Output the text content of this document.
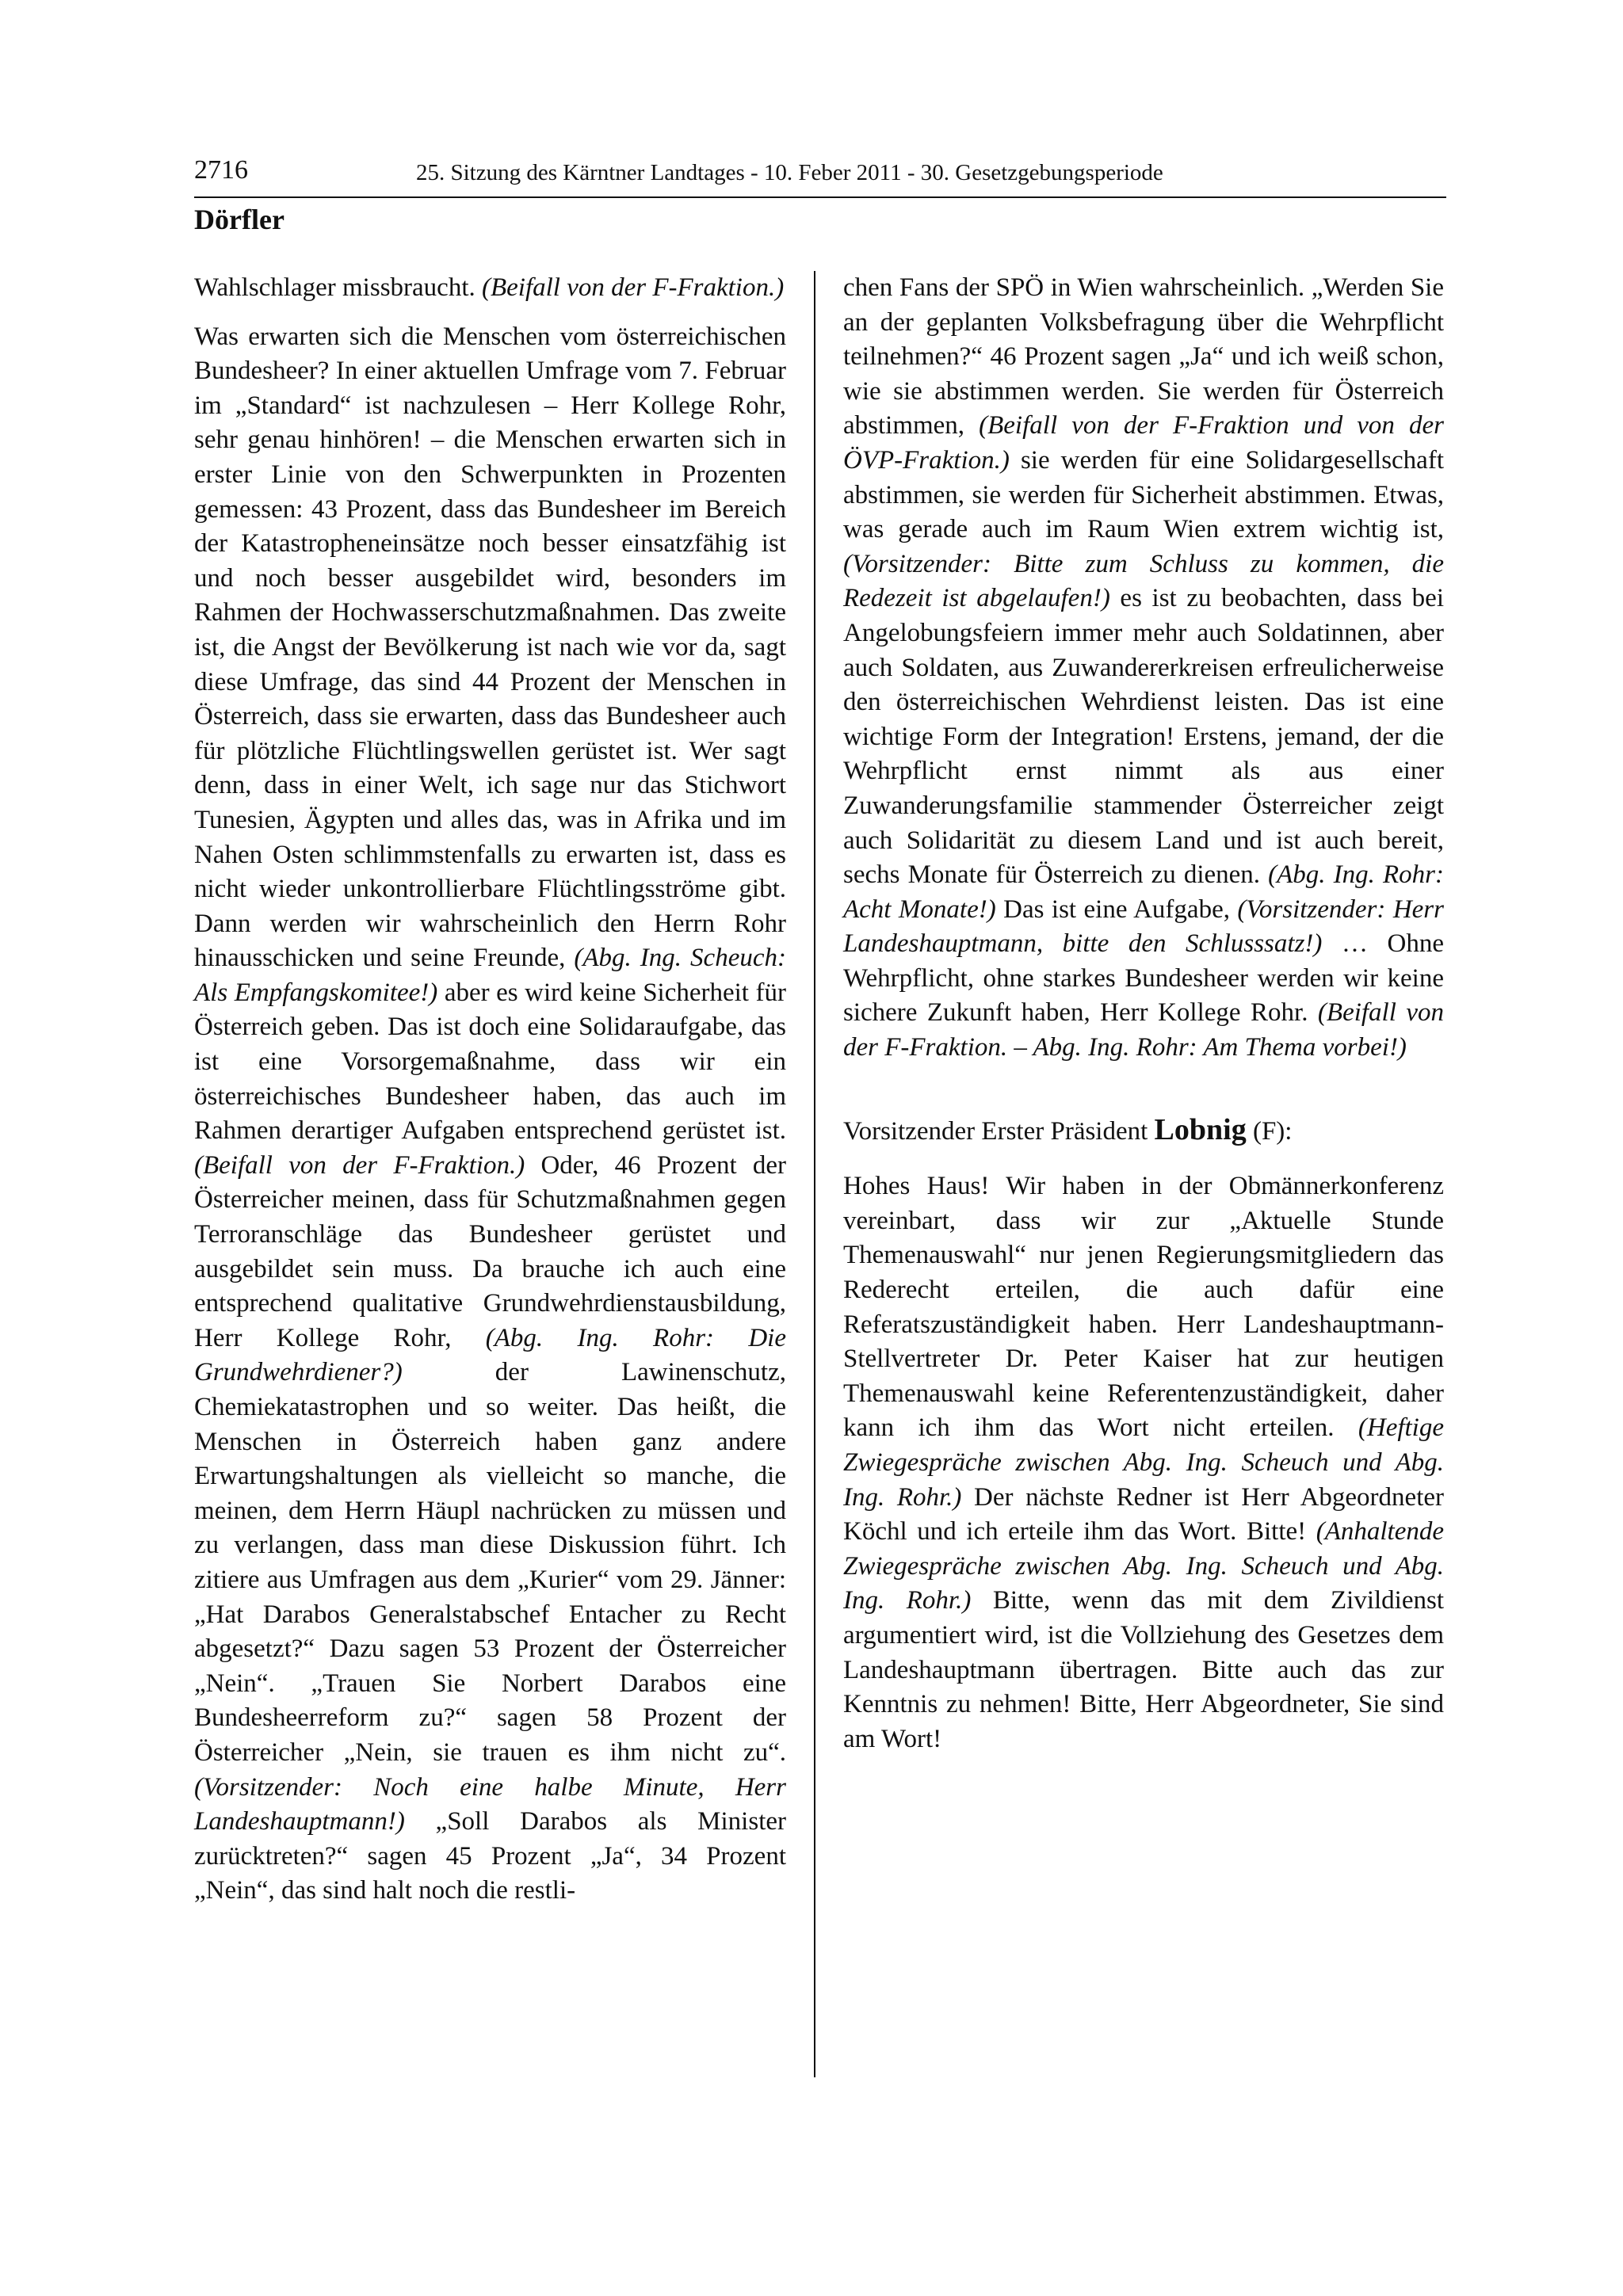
2716	25. Sitzung des Kärntner Landtages - 10. Feber 2011 - 30. Gesetzgebungsperiode
Dörfler

Wahlschlager missbraucht. (Beifall von der F-Fraktion.)

Was erwarten sich die Menschen vom österreichischen Bundesheer? In einer aktuellen Umfrage vom 7. Februar im „Standard“ ist nachzulesen – Herr Kollege Rohr, sehr genau hinhören! – die Menschen erwarten sich in erster Linie von den Schwerpunkten in Prozenten gemessen: 43 Prozent, dass das Bundesheer im Bereich der Katastropheneinsätze noch besser einsatzfähig ist und noch besser ausgebildet wird, besonders im Rahmen der Hochwasserschutzmaßnahmen. Das zweite ist, die Angst der Bevölkerung ist nach wie vor da, sagt diese Umfrage, das sind 44 Prozent der Menschen in Österreich, dass sie erwarten, dass das Bundesheer auch für plötzliche Flüchtlingswellen gerüstet ist. Wer sagt denn, dass in einer Welt, ich sage nur das Stichwort Tunesien, Ägypten und alles das, was in Afrika und im Nahen Osten schlimmstenfalls zu erwarten ist, dass es nicht wieder unkontrollierbare Flüchtlingsströme gibt. Dann werden wir wahrscheinlich den Herrn Rohr hinausschicken und seine Freunde, (Abg. Ing. Scheuch: Als Empfangskomitee!) aber es wird keine Sicherheit für Österreich geben. Das ist doch eine Solidaraufgabe, das ist eine Vorsorgemaßnahme, dass wir ein österreichisches Bundesheer haben, das auch im Rahmen derartiger Aufgaben entsprechend gerüstet ist. (Beifall von der F-Fraktion.) Oder, 46 Prozent der Österreicher meinen, dass für Schutzmaßnahmen gegen Terroranschläge das Bundesheer gerüstet und ausgebildet sein muss. Da brauche ich auch eine entsprechend qualitative Grundwehrdienstausbildung, Herr Kollege Rohr, (Abg. Ing. Rohr: Die Grundwehrdiener?) der Lawinenschutz, Chemiekatastrophen und so weiter. Das heißt, die Menschen in Österreich haben ganz andere Erwartungshaltungen als vielleicht so manche, die meinen, dem Herrn Häupl nachrücken zu müssen und zu verlangen, dass man diese Diskussion führt. Ich zitiere aus Umfragen aus dem „Kurier“ vom 29. Jänner: „Hat Darabos Generalstabschef Entacher zu Recht abgesetzt?“ Dazu sagen 53 Prozent der Österreicher „Nein“. „Trauen Sie Norbert Darabos eine Bundesheerreform zu?“ sagen 58 Prozent der Österreicher „Nein, sie trauen es ihm nicht zu“. (Vorsitzender: Noch eine halbe Minute, Herr Landeshauptmann!) „Soll Darabos als Minister zurücktreten?“ sagen 45 Prozent „Ja“, 34 Prozent „Nein“, das sind halt noch die restli-

chen Fans der SPÖ in Wien wahrscheinlich. „Werden Sie an der geplanten Volksbefragung über die Wehrpflicht teilnehmen?“ 46 Prozent sagen „Ja“ und ich weiß schon, wie sie abstimmen werden. Sie werden für Österreich abstimmen, (Beifall von der F-Fraktion und von der ÖVP-Fraktion.) sie werden für eine Solidargesellschaft abstimmen, sie werden für Sicherheit abstimmen. Etwas, was gerade auch im Raum Wien extrem wichtig ist, (Vorsitzender: Bitte zum Schluss zu kommen, die Redezeit ist abgelaufen!) es ist zu beobachten, dass bei Angelobungsfeiern immer mehr auch Soldatinnen, aber auch Soldaten, aus Zuwandererkreisen erfreulicherweise den österreichischen Wehrdienst leisten. Das ist eine wichtige Form der Integration! Erstens, jemand, der die Wehrpflicht ernst nimmt als aus einer Zuwanderungsfamilie stammender Österreicher zeigt auch Solidarität zu diesem Land und ist auch bereit, sechs Monate für Österreich zu dienen. (Abg. Ing. Rohr: Acht Monate!) Das ist eine Aufgabe, (Vorsitzender: Herr Landeshauptmann, bitte den Schlusssatz!) … Ohne Wehrpflicht, ohne starkes Bundesheer werden wir keine sichere Zukunft haben, Herr Kollege Rohr. (Beifall von der F-Fraktion. – Abg. Ing. Rohr: Am Thema vorbei!)

Vorsitzender Erster Präsident Lobnig (F):

Hohes Haus! Wir haben in der Obmännerkonferenz vereinbart, dass wir zur „Aktuelle Stunde Themenauswahl“ nur jenen Regierungsmitgliedern das Rederecht erteilen, die auch dafür eine Referatszuständigkeit haben. Herr Landeshauptmann-Stellvertreter Dr. Peter Kaiser hat zur heutigen Themenauswahl keine Referentenzuständigkeit, daher kann ich ihm das Wort nicht erteilen. (Heftige Zwiegespräche zwischen Abg. Ing. Scheuch und Abg. Ing. Rohr.) Der nächste Redner ist Herr Abgeordneter Köchl und ich erteile ihm das Wort. Bitte! (Anhaltende Zwiegespräche zwischen Abg. Ing. Scheuch und Abg. Ing. Rohr.) Bitte, wenn das mit dem Zivildienst argumentiert wird, ist die Vollziehung des Gesetzes dem Landeshauptmann übertragen. Bitte auch das zur Kenntnis zu nehmen! Bitte, Herr Abgeordneter, Sie sind am Wort!
